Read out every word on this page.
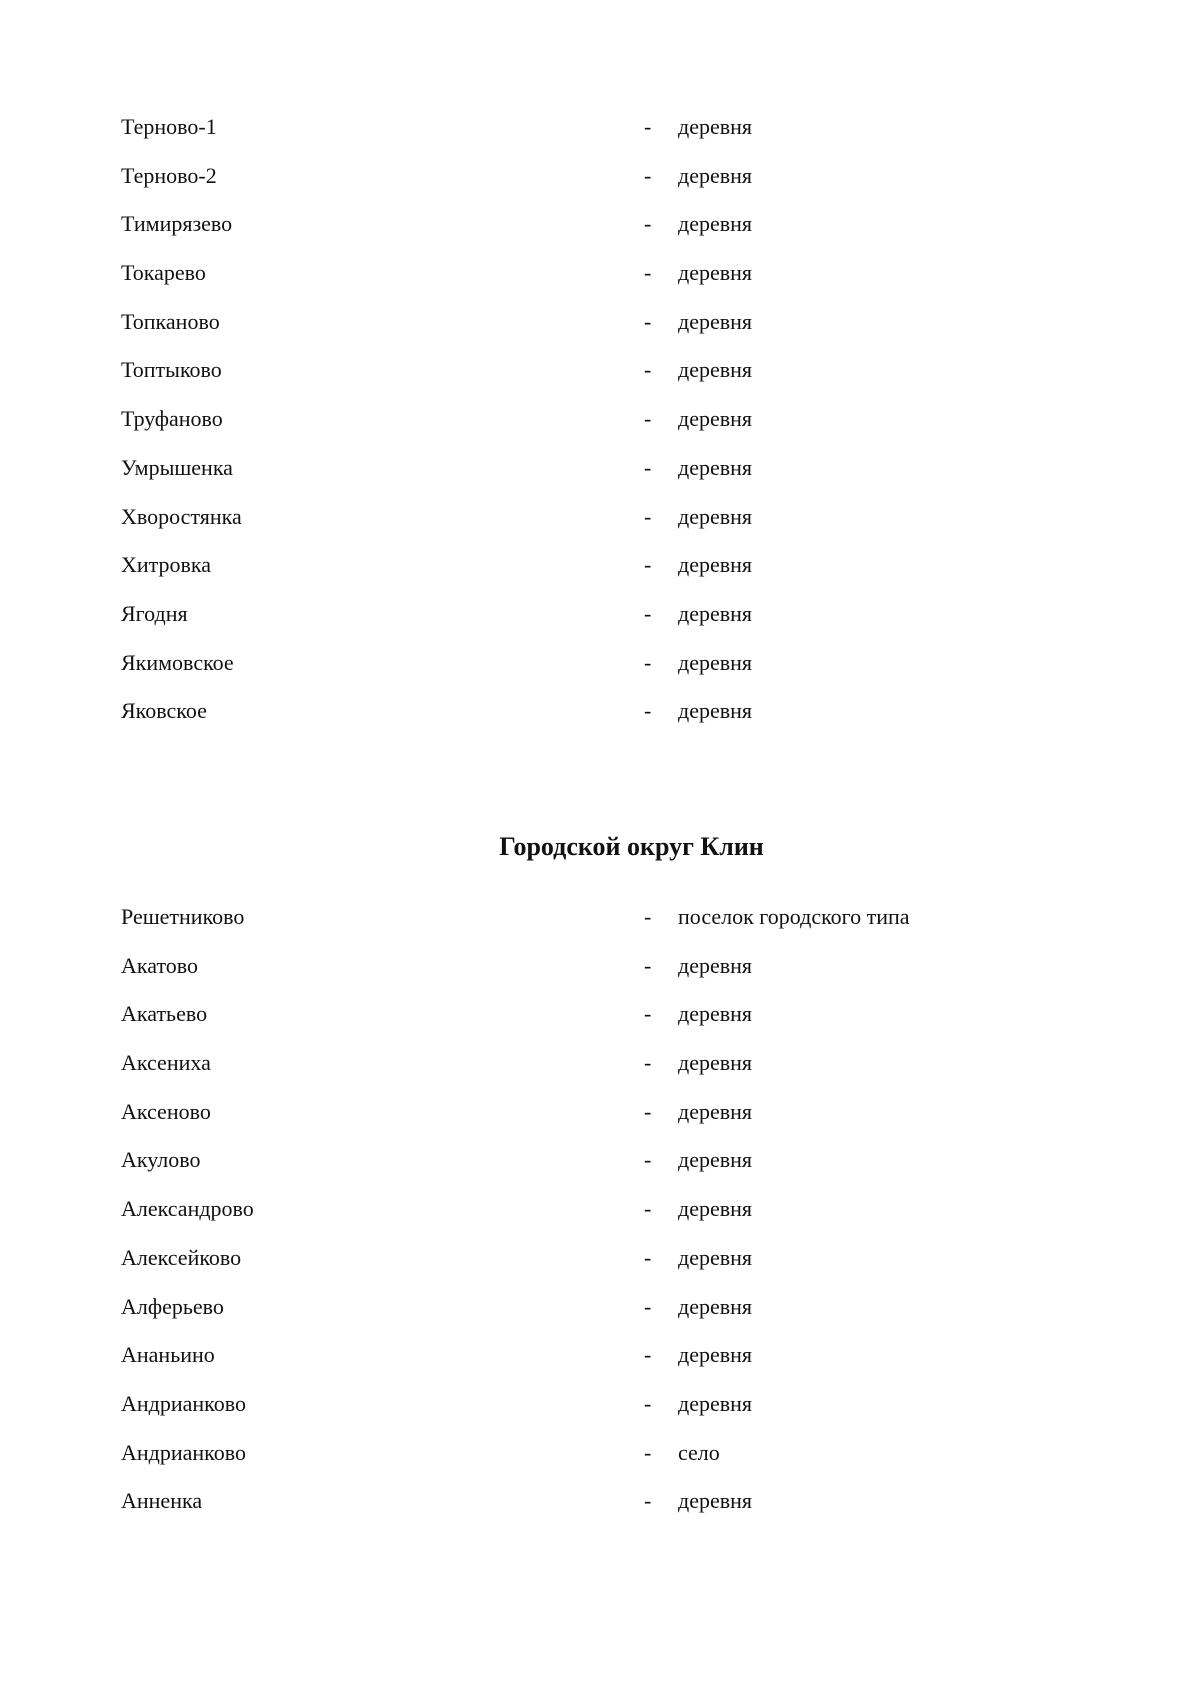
Терново-1	- деревня
Терново-2	- деревня
Тимирязево	- деревня
Токарево	- деревня
Топканово	- деревня
Топтыково	- деревня
Труфаново	- деревня
Умрышенка	- деревня
Хворостянка	- деревня
Хитровка	- деревня
Ягодня	- деревня
Якимовское	- деревня
Яковское	- деревня
Городской округ Клин
Решетниково	- поселок городского типа
Акатово	- деревня
Акатьево	- деревня
Аксениха	- деревня
Аксеново	- деревня
Акулово	- деревня
Александрово	- деревня
Алексейково	- деревня
Алферьево	- деревня
Ананьино	- деревня
Андрианково	- деревня
Андрианково	- село
Анненка	- деревня
